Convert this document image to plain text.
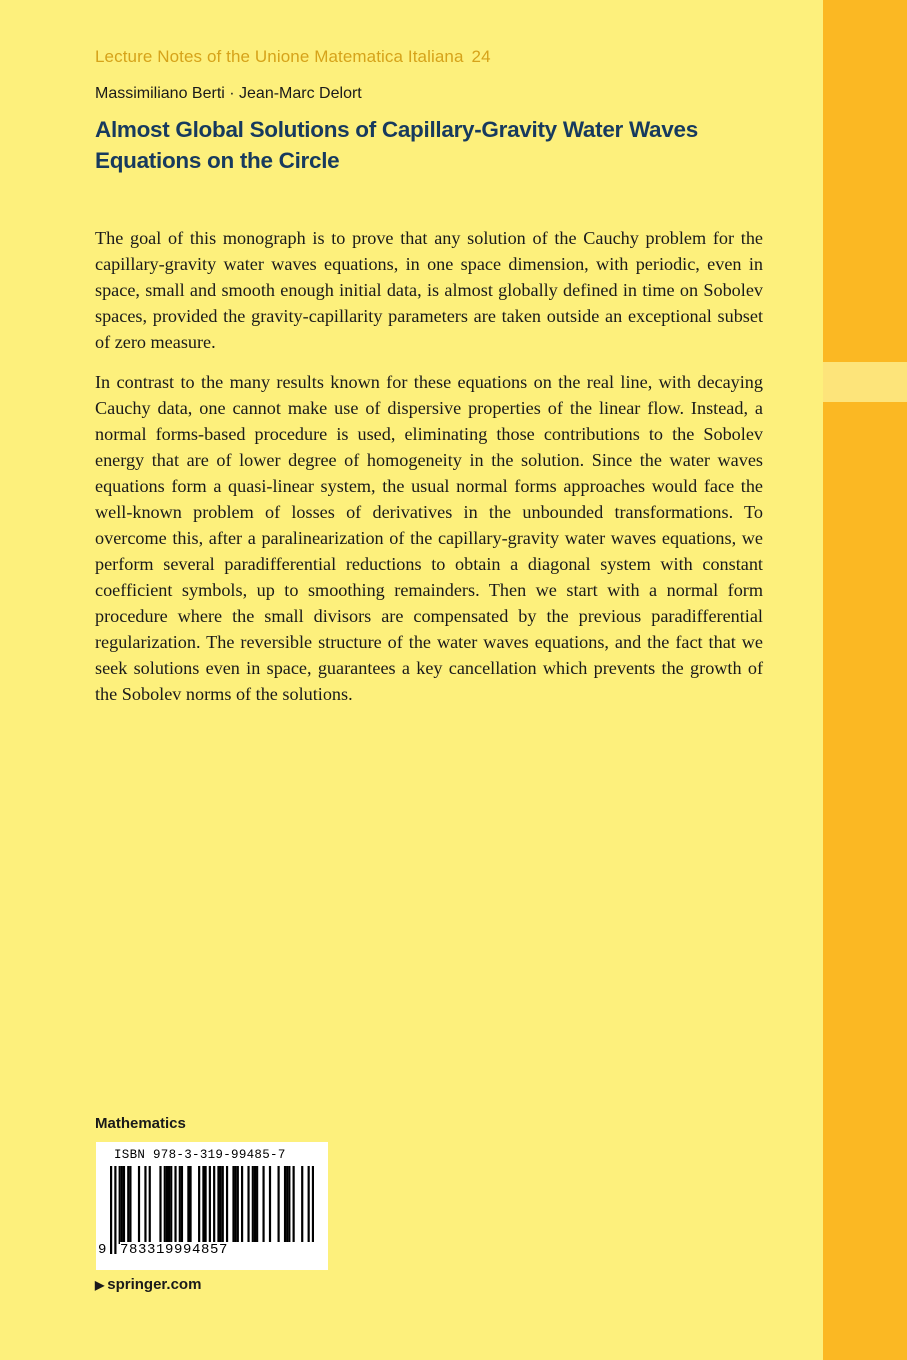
Lecture Notes of the Unione Matematica Italiana 24
Massimiliano Berti · Jean-Marc Delort
Almost Global Solutions of Capillary-Gravity Water Waves
Equations on the Circle

The goal of this monograph is to prove that any solution of the Cauchy problem for the capillary-gravity water waves equations, in one space dimension, with periodic, even in space, small and smooth enough initial data, is almost globally defined in time on Sobolev spaces, provided the gravity-capillarity parameters are taken outside an exceptional subset of zero measure.

In contrast to the many results known for these equations on the real line, with decaying Cauchy data, one cannot make use of dispersive properties of the linear flow. Instead, a normal forms-based procedure is used, eliminating those contributions to the Sobolev energy that are of lower degree of homogeneity in the solution. Since the water waves equations form a quasi-linear system, the usual normal forms approaches would face the well-known problem of losses of derivatives in the unbounded transformations. To overcome this, after a paralinearization of the capillary-gravity water waves equations, we perform several paradifferential reductions to obtain a diagonal system with constant coefficient symbols, up to smoothing remainders. Then we start with a normal form procedure where the small divisors are compensated by the previous paradifferential regularization. The reversible structure of the water waves equations, and the fact that we seek solutions even in space, guarantees a key cancellation which prevents the growth of the Sobolev norms of the solutions.

Mathematics
ISBN 978-3-319-99485-7
9 783319994857
▶ springer.com
